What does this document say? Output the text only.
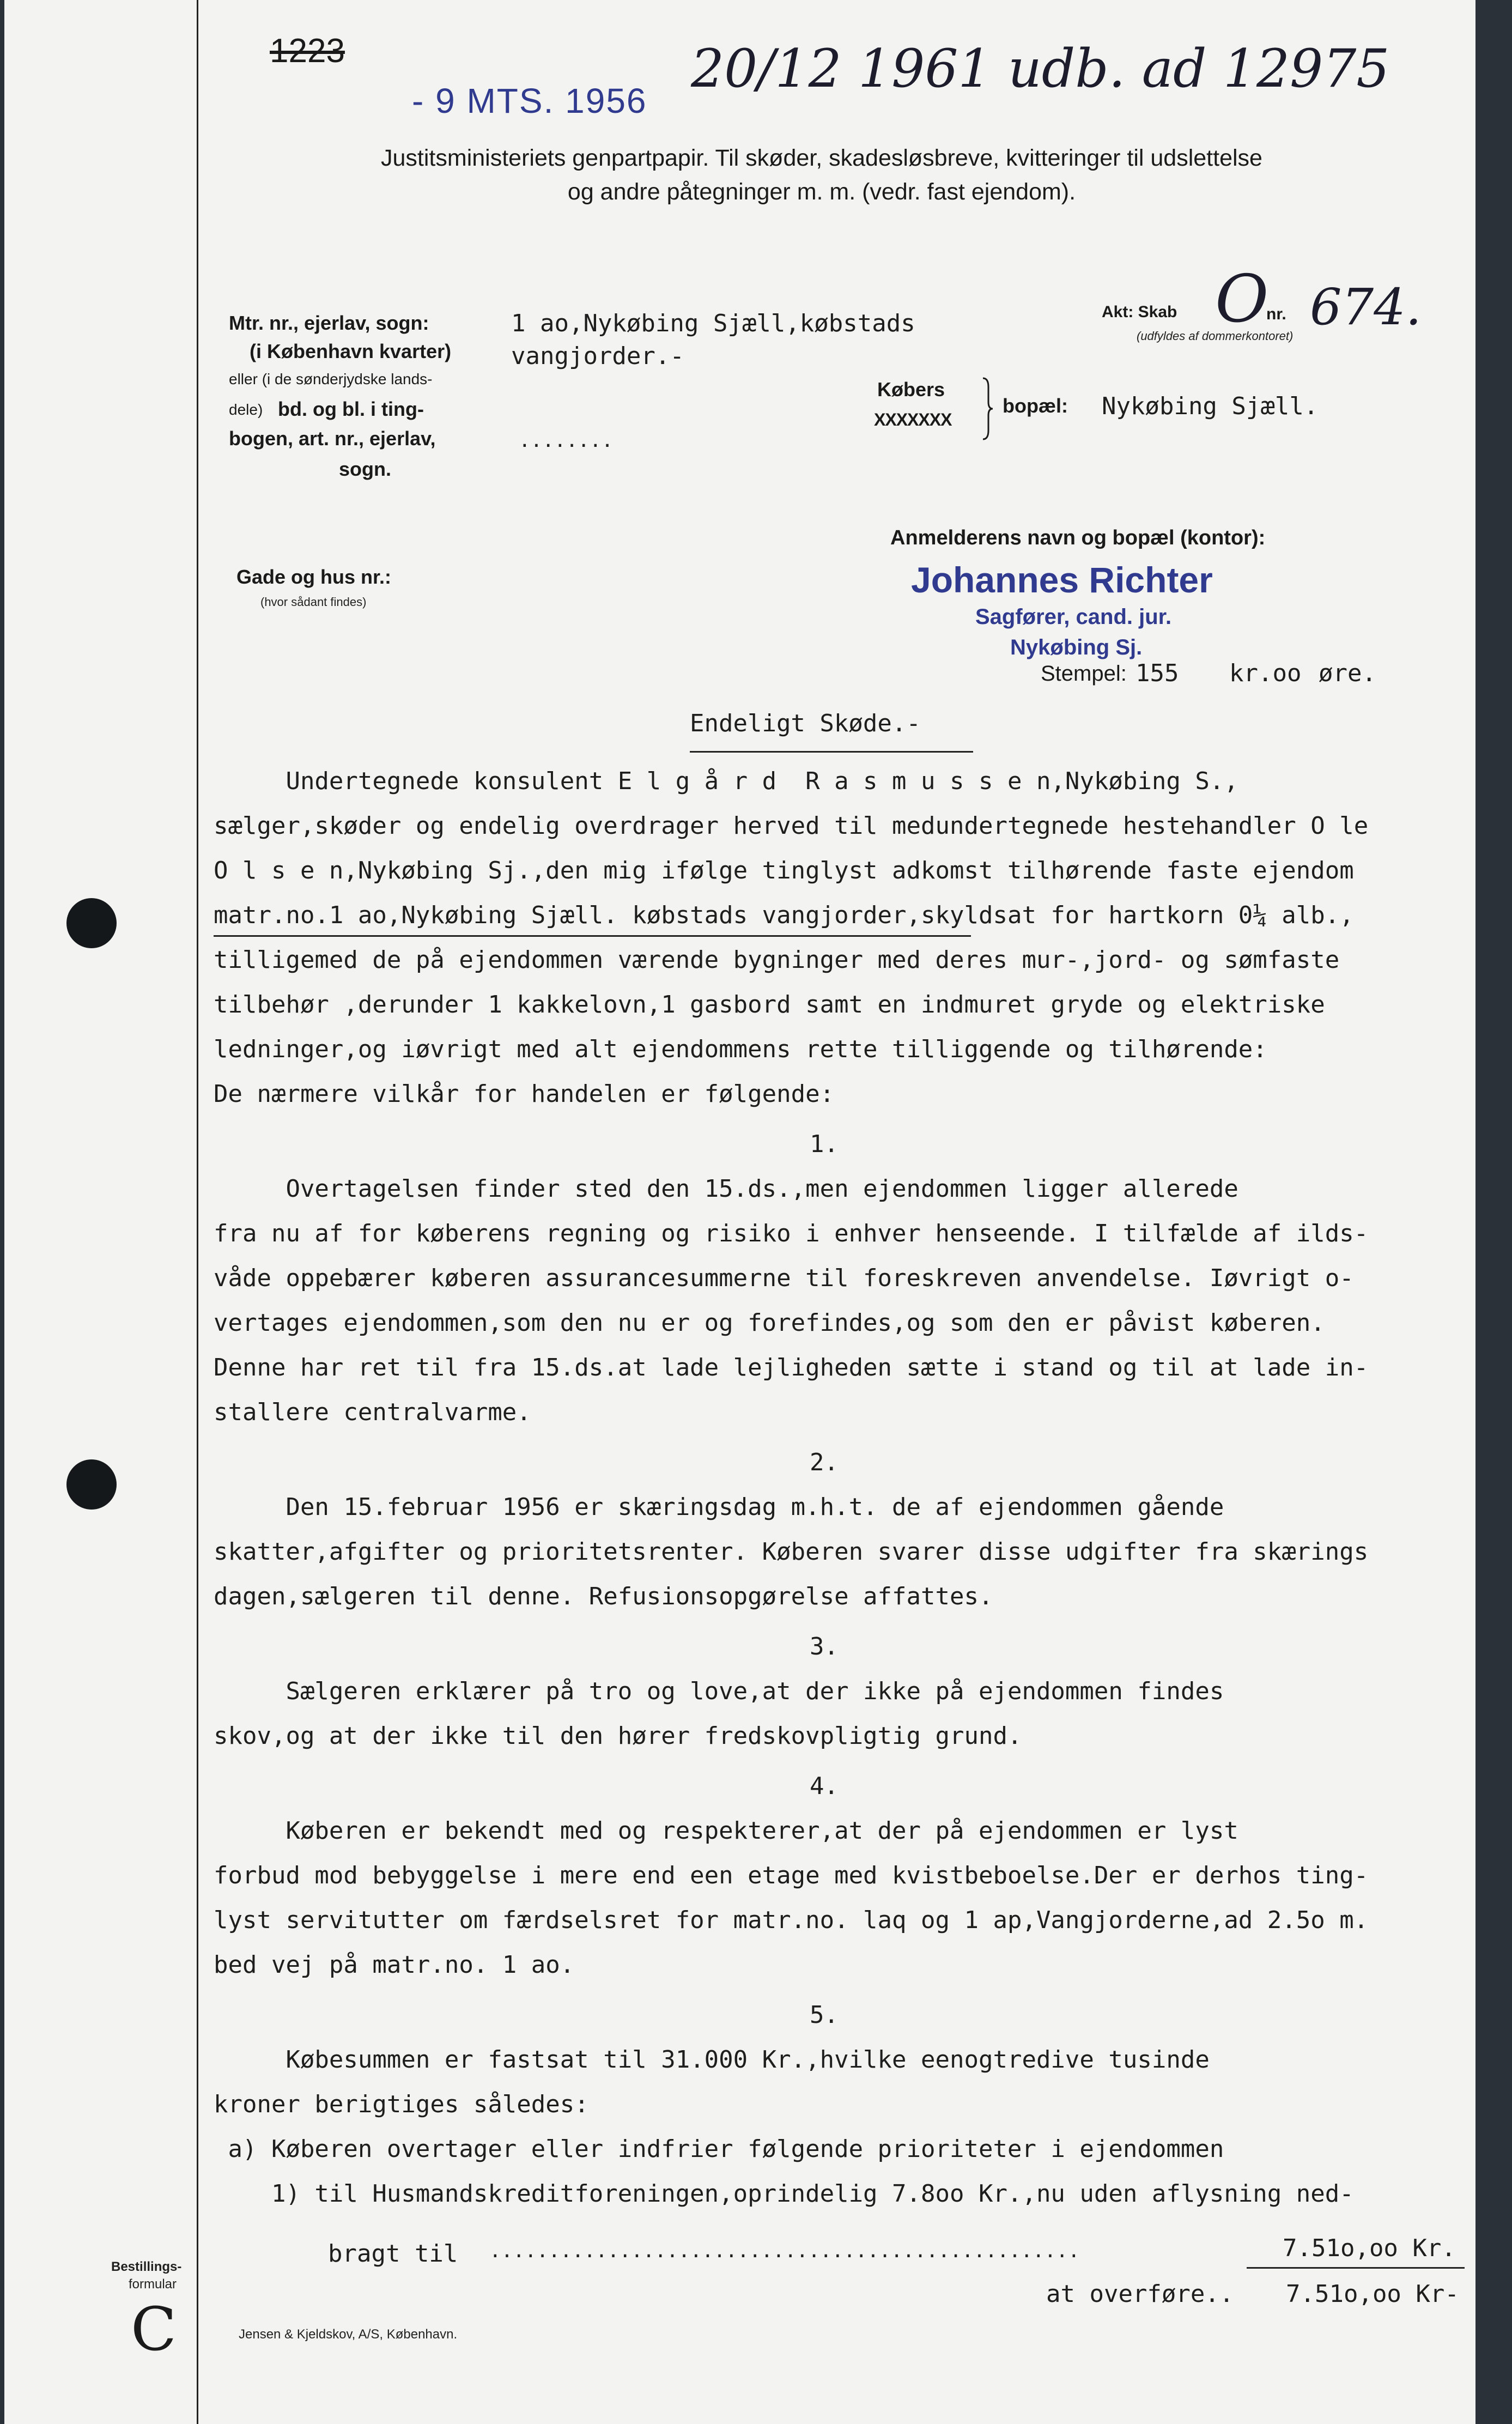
1223
- 9 MTS. 1956
20/12 1961 udb. ad 12975
Justitsministeriets genpartpapir. Til skøder, skadesløsbreve, kvitteringer til udslettelse
og andre påtegninger m. m. (vedr. fast ejendom).
Mtr. nr., ejerlav, sogn:
(i København kvarter)
eller (i de sønderjydske lands-
dele) bd. og bl. i ting-
bogen, art. nr., ejerlav,
sogn.
1 ao,Nykøbing Sjæll,købstads
vangjorder.-
........
Akt: Skab O
nr. 674.
(udfyldes af dommerkontoret)
Købers
XXXXXXX
bopæl: Nykøbing Sjæll.
Gade og hus nr.:
(hvor sådant findes)
Anmelderens navn og bopæl (kontor):
Johannes Richter
Sagfører, cand. jur.
Nykøbing Sj.
Stempel: 155 kr.oo øre.
Endeligt Skøde.-
Undertegnede konsulent E l g å r d  R a s m u s s e n,Nykøbing S.,
sælger,skøder og endelig overdrager herved til medundertegnede hestehandler O le
O l s e n,Nykøbing Sj.,den mig ifølge tinglyst adkomst tilhørende faste ejendom
matr.no.1 ao,Nykøbing Sjæll. købstads vangjorder,skyldsat for hartkorn 0¼ alb.,
tilligemed de på ejendommen værende bygninger med deres mur-,jord- og sømfaste
tilbehør ,derunder 1 kakkelovn,1 gasbord samt en indmuret gryde og elektriske
ledninger,og iøvrigt med alt ejendommens rette tilliggende og tilhørende:
De nærmere vilkår for handelen er følgende:
1.
Overtagelsen finder sted den 15.ds.,men ejendommen ligger allerede
fra nu af for køberens regning og risiko i enhver henseende. I tilfælde af ilds-
våde oppebærer køberen assurancesummerne til foreskreven anvendelse. Iøvrigt o-
vertages ejendommen,som den nu er og forefindes,og som den er påvist køberen.
Denne har ret til fra 15.ds.at lade lejligheden sætte i stand og til at lade in-
stallere centralvarme.
2.
Den 15.februar 1956 er skæringsdag m.h.t. de af ejendommen gående
skatter,afgifter og prioritetsrenter. Køberen svarer disse udgifter fra skærings
dagen,sælgeren til denne. Refusionsopgørelse affattes.
3.
Sælgeren erklærer på tro og love,at der ikke på ejendommen findes
skov,og at der ikke til den hører fredskovpligtig grund.
4.
Køberen er bekendt med og respekterer,at der på ejendommen er lyst
forbud mod bebyggelse i mere end een etage med kvistbeboelse.Der er derhos ting-
lyst servitutter om færdselsret for matr.no. laq og 1 ap,Vangjorderne,ad 2.5o m.
bed vej på matr.no. 1 ao.
5.
Købesummen er fastsat til 31.000 Kr.,hvilke eenogtredive tusinde
kroner berigtiges således:
a) Køberen overtager eller indfrier følgende prioriteter i ejendommen
1) til Husmandskreditforeningen,oprindelig 7.8oo Kr.,nu uden aflysning ned-
bragt til ..................................................	7.51o,oo Kr.
at overføre.. 7.51o,oo Kr-
Bestillings-
formular
C	Jensen & Kjeldskov, A/S, København.
